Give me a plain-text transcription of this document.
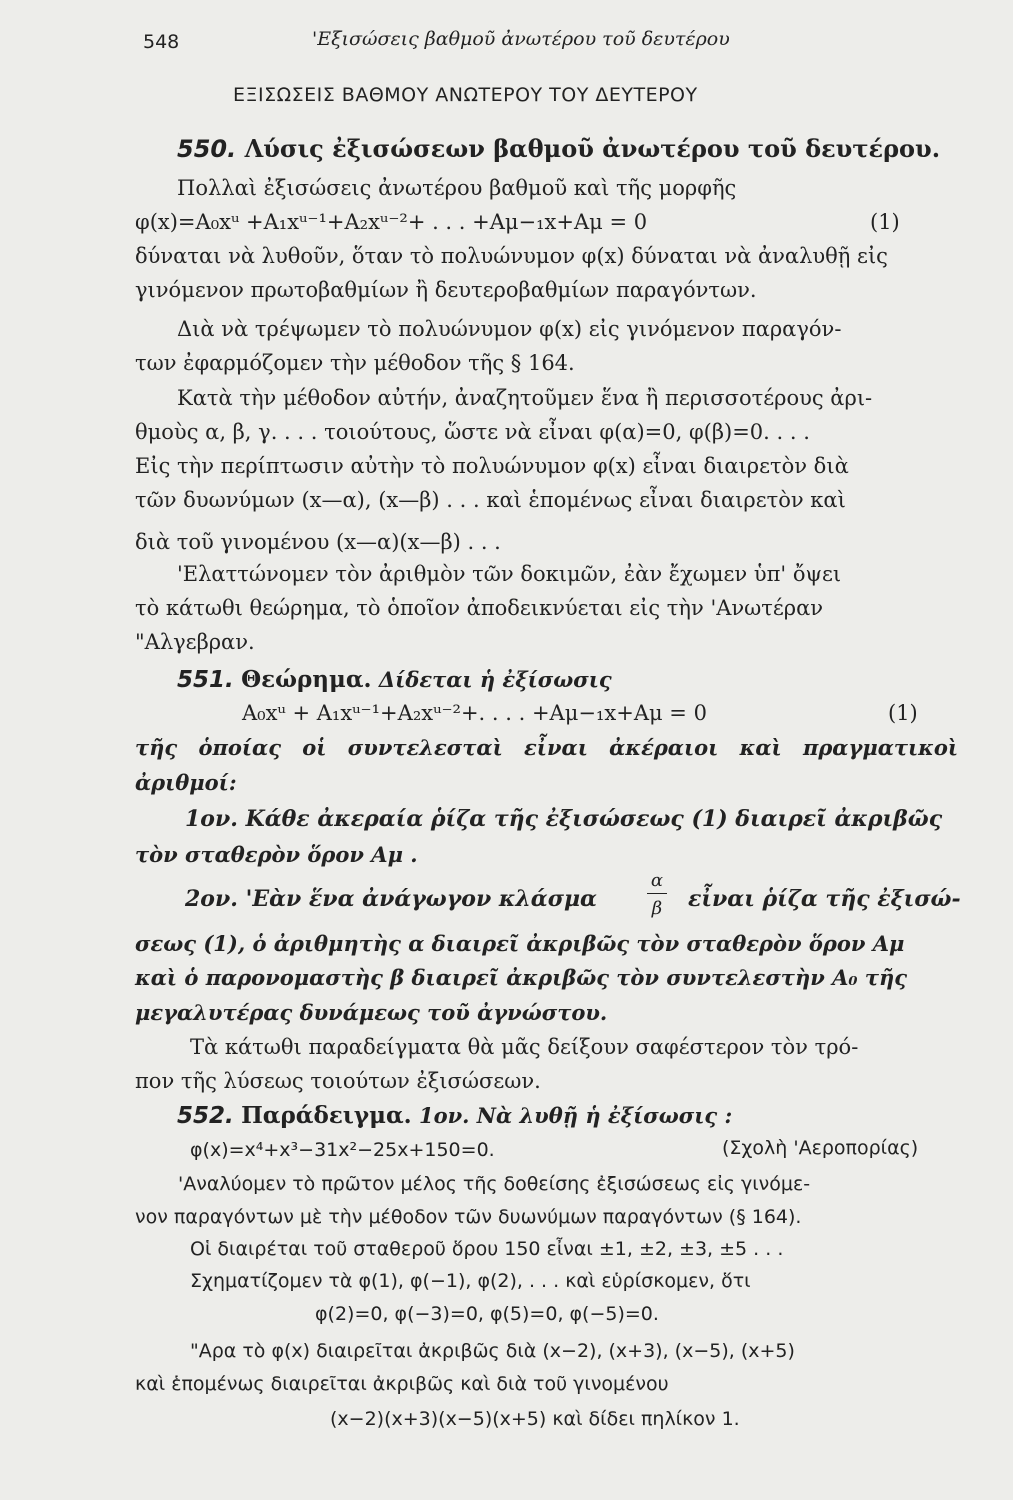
548	'Εξισώσεις βαθμοῦ ἀνωτέρου τοῦ δευτέρου
ΕΞΙΣΩΣΕΙΣ ΒΑΘΜΟΥ ΑΝΩΤΕΡΟΥ ΤΟΥ ΔΕΥΤΕΡΟΥ
550. Λύσις ἐξισώσεων βαθμοῦ ἀνωτέρου τοῦ δευτέρου.
Πολλαὶ ἐξισώσεις ἀνωτέρου βαθμοῦ καὶ τῆς μορφῆς
φ(x)=A₀xᵘ +A₁xᵘ⁻¹+A₂xᵘ⁻²+ . . . +Aμ−₁x+Aμ = 0	(1)
δύναται νὰ λυθοῦν, ὅταν τὸ πολυώνυμον φ(x) δύναται νὰ ἀναλυθῇ εἰς
γινόμενον πρωτοβαθμίων ἢ δευτεροβαθμίων παραγόντων.
Διὰ νὰ τρέψωμεν τὸ πολυώνυμον φ(x) εἰς γινόμενον παραγόν-
των ἐφαρμόζομεν τὴν μέθοδον τῆς § 164.
Κατὰ τὴν μέθοδον αὐτήν, ἀναζητοῦμεν ἕνα ἢ περισσοτέρους ἀρι-
θμοὺς α, β, γ. . . . τοιούτους, ὥστε νὰ εἶναι φ(α)=0, φ(β)=0. . . .
Εἰς τὴν περίπτωσιν αὐτὴν τὸ πολυώνυμον φ(x) εἶναι διαιρετὸν διὰ
τῶν δυωνύμων (x—α), (x—β) . . . καὶ ἑπομένως εἶναι διαιρετὸν καὶ
διὰ τοῦ γινομένου (x—α)(x—β) . . .
'Ελαττώνομεν τὸν ἀριθμὸν τῶν δοκιμῶν, ἐὰν ἔχωμεν ὑπ' ὄψει
τὸ κάτωθι θεώρημα, τὸ ὁποῖον ἀποδεικνύεται εἰς τὴν 'Ανωτέραν
"Αλγεβραν.
551. Θεώρημα. Δίδεται ἡ ἐξίσωσις
A₀xᵘ + A₁xᵘ⁻¹+A₂xᵘ⁻²+. . . . +Aμ−₁x+Aμ = 0	(1)
τῆς ὁποίας οἱ συντελεσταὶ εἶναι ἀκέραιοι καὶ πραγματικοὶ
ἀριθμοί:
1ον. Κάθε ἀκεραία ῥίζα τῆς ἐξισώσεως (1) διαιρεῖ ἀκριβῶς
τὸν σταθερὸν ὅρον Aμ .
2ον. 'Εὰν ἕνα ἀνάγωγον κλάσμα
α
β εἶναι ῥίζα τῆς ἐξισώ-
σεως (1), ὁ ἀριθμητὴς α διαιρεῖ ἀκριβῶς τὸν σταθερὸν ὅρον Aμ
καὶ ὁ παρονομαστὴς β διαιρεῖ ἀκριβῶς τὸν συντελεστὴν A₀ τῆς
μεγαλυτέρας δυνάμεως τοῦ ἀγνώστου.
Τὰ κάτωθι παραδείγματα θὰ μᾶς δείξουν σαφέστερον τὸν τρό-
πον τῆς λύσεως τοιούτων ἐξισώσεων.
552. Παράδειγμα. 1ον. Νὰ λυθῇ ἡ ἐξίσωσις :
φ(x)=x⁴+x³−31x²−25x+150=0.	(Σχολὴ 'Αεροπορίας)
'Αναλύομεν τὸ πρῶτον μέλος τῆς δοθείσης ἐξισώσεως εἰς γινόμε-
νον παραγόντων μὲ τὴν μέθοδον τῶν δυωνύμων παραγόντων (§ 164).
Οἱ διαιρέται τοῦ σταθεροῦ ὅρου 150 εἶναι ±1, ±2, ±3, ±5 . . .
Σχηματίζομεν τὰ φ(1), φ(−1), φ(2), . . . καὶ εὑρίσκομεν, ὅτι
φ(2)=0, φ(−3)=0, φ(5)=0, φ(−5)=0.
"Αρα τὸ φ(x) διαιρεῖται ἀκριβῶς διὰ (x−2), (x+3), (x−5), (x+5)
καὶ ἑπομένως διαιρεῖται ἀκριβῶς καὶ διὰ τοῦ γινομένου
(x−2)(x+3)(x−5)(x+5) καὶ δίδει πηλίκον 1.
